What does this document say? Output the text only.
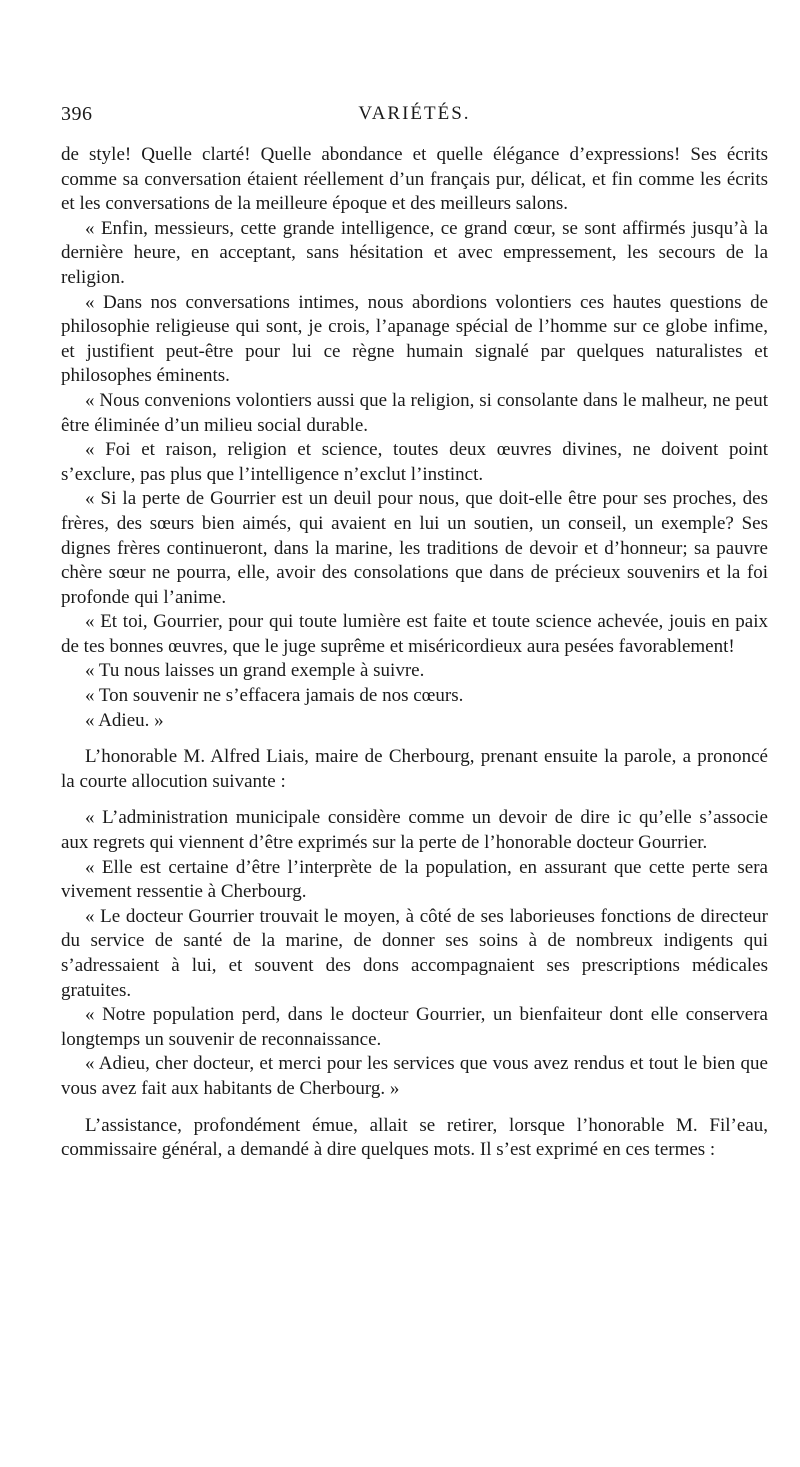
396	VARIÉTÉS.

de style! Quelle clarté! Quelle abondance et quelle élégance d’expressions! Ses écrits comme sa conversation étaient réellement d’un français pur, délicat, et fin comme les écrits et les conversations de la meilleure époque et des meilleurs salons.

« Enfin, messieurs, cette grande intelligence, ce grand cœur, se sont affirmés jusqu’à la dernière heure, en acceptant, sans hésitation et avec empressement, les secours de la religion.

« Dans nos conversations intimes, nous abordions volontiers ces hautes questions de philosophie religieuse qui sont, je crois, l’apanage spécial de l’homme sur ce globe infime, et justifient peut-être pour lui ce règne humain signalé par quelques naturalistes et philosophes éminents.

« Nous convenions volontiers aussi que la religion, si consolante dans le malheur, ne peut être éliminée d’un milieu social durable.

« Foi et raison, religion et science, toutes deux œuvres divines, ne doivent point s’exclure, pas plus que l’intelligence n’exclut l’instinct.

« Si la perte de Gourrier est un deuil pour nous, que doit-elle être pour ses proches, des frères, des sœurs bien aimés, qui avaient en lui un soutien, un conseil, un exemple? Ses dignes frères continueront, dans la marine, les traditions de devoir et d’honneur; sa pauvre chère sœur ne pourra, elle, avoir des consolations que dans de précieux souvenirs et la foi profonde qui l’anime.

« Et toi, Gourrier, pour qui toute lumière est faite et toute science achevée, jouis en paix de tes bonnes œuvres, que le juge suprême et miséricordieux aura pesées favorablement!

« Tu nous laisses un grand exemple à suivre.

« Ton souvenir ne s’effacera jamais de nos cœurs.

« Adieu. »

L’honorable M. Alfred Liais, maire de Cherbourg, prenant ensuite la parole, a prononcé la courte allocution suivante :

« L’administration municipale considère comme un devoir de dire ic qu’elle s’associe aux regrets qui viennent d’être exprimés sur la perte de l’honorable docteur Gourrier.

« Elle est certaine d’être l’interprète de la population, en assurant que cette perte sera vivement ressentie à Cherbourg.

« Le docteur Gourrier trouvait le moyen, à côté de ses laborieuses fonctions de directeur du service de santé de la marine, de donner ses soins à de nombreux indigents qui s’adressaient à lui, et souvent des dons accompagnaient ses prescriptions médicales gratuites.

« Notre population perd, dans le docteur Gourrier, un bienfaiteur dont elle conservera longtemps un souvenir de reconnaissance.

« Adieu, cher docteur, et merci pour les services que vous avez rendus et tout le bien que vous avez fait aux habitants de Cherbourg. »

L’assistance, profondément émue, allait se retirer, lorsque l’honorable M. Fil’eau, commissaire général, a demandé à dire quelques mots. Il s’est exprimé en ces termes :
